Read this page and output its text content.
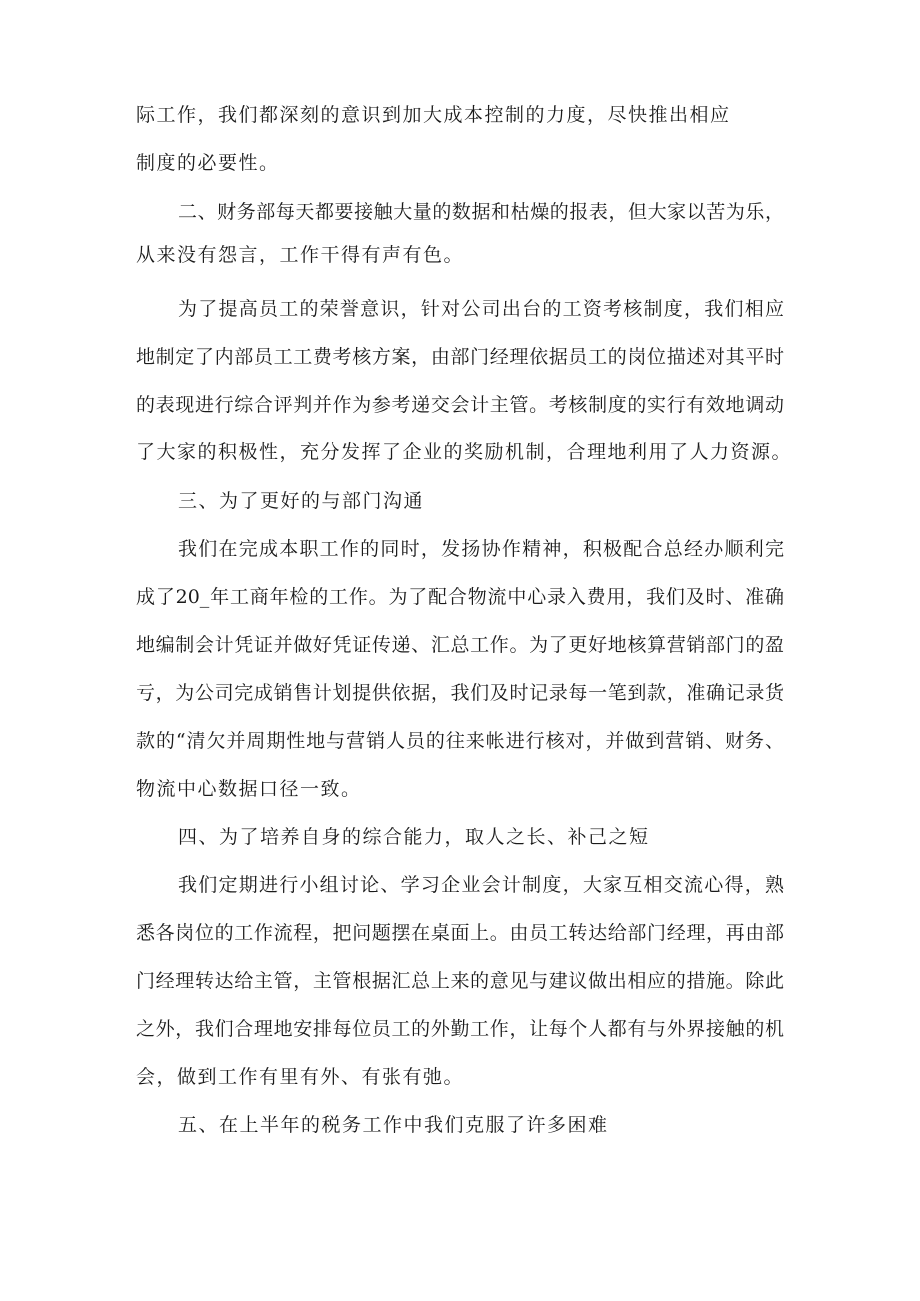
际工作，我们都深刻的意识到加大成本控制的力度，尽快推出相应
制度的必要性。
二、财务部每天都要接触大量的数据和枯燥的报表，但大家以苦为乐，
从来没有怨言，工作干得有声有色。
为了提高员工的荣誉意识，针对公司出台的工资考核制度，我们相应
地制定了内部员工工费考核方案，由部门经理依据员工的岗位描述对其平时
的表现进行综合评判并作为参考递交会计主管。考核制度的实行有效地调动
了大家的积极性，充分发挥了企业的奖励机制，合理地利用了人力资源。
三、为了更好的与部门沟通
我们在完成本职工作的同时，发扬协作精神，积极配合总经办顺利完
成了20_年工商年检的工作。为了配合物流中心录入费用，我们及时、准确
地编制会计凭证并做好凭证传递、汇总工作。为了更好地核算营销部门的盈
亏，为公司完成销售计划提供依据，我们及时记录每一笔到款，准确记录货
款的“清欠并周期性地与营销人员的往来帐进行核对，并做到营销、财务、
物流中心数据口径一致。
四、为了培养自身的综合能力，取人之长、补己之短
我们定期进行小组讨论、学习企业会计制度，大家互相交流心得，熟
悉各岗位的工作流程，把问题摆在桌面上。由员工转达给部门经理，再由部
门经理转达给主管，主管根据汇总上来的意见与建议做出相应的措施。除此
之外，我们合理地安排每位员工的外勤工作，让每个人都有与外界接触的机
会，做到工作有里有外、有张有弛。
五、在上半年的税务工作中我们克服了许多困难
